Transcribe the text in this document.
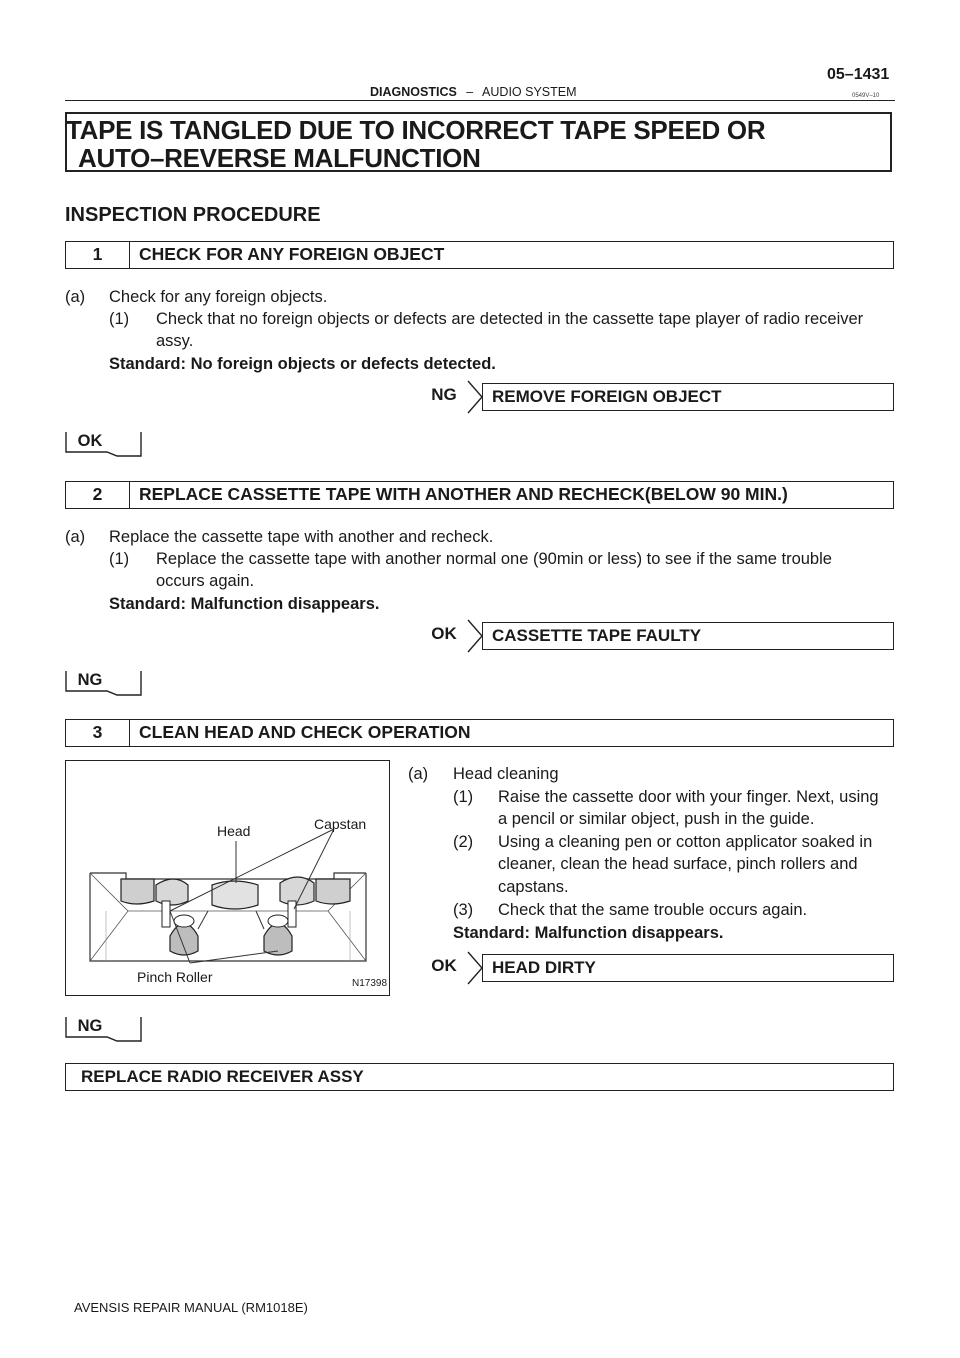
05–1431
DIAGNOSTICS – AUDIO SYSTEM	0549V–10
TAPE IS TANGLED DUE TO INCORRECT TAPE SPEED OR
AUTO–REVERSE MALFUNCTION
INSPECTION PROCEDURE
1	CHECK FOR ANY FOREIGN OBJECT
(a) Check for any foreign objects.
(1) Check that no foreign objects or defects are detected in the cassette tape player of radio receiver
assy.
Standard: No foreign objects or defects detected.
NG	REMOVE FOREIGN OBJECT
OK
2	REPLACE CASSETTE TAPE WITH ANOTHER AND RECHECK(BELOW 90 MIN.)
(a) Replace the cassette tape with another and recheck.
(1) Replace the cassette tape with another normal one (90min or less) to see if the same trouble
occurs again.
Standard: Malfunction disappears.
OK	CASSETTE TAPE FAULTY
NG
3	CLEAN HEAD AND CHECK OPERATION
Head	Capstan
Pinch Roller	N17398
(a) Head cleaning
(1) Raise the cassette door with your finger. Next, using
a pencil or similar object, push in the guide.
(2) Using a cleaning pen or cotton applicator soaked in
cleaner, clean the head surface, pinch rollers and
capstans.
(3) Check that the same trouble occurs again.
Standard: Malfunction disappears.
OK	HEAD DIRTY
NG
REPLACE RADIO RECEIVER ASSY
AVENSIS REPAIR MANUAL (RM1018E)
